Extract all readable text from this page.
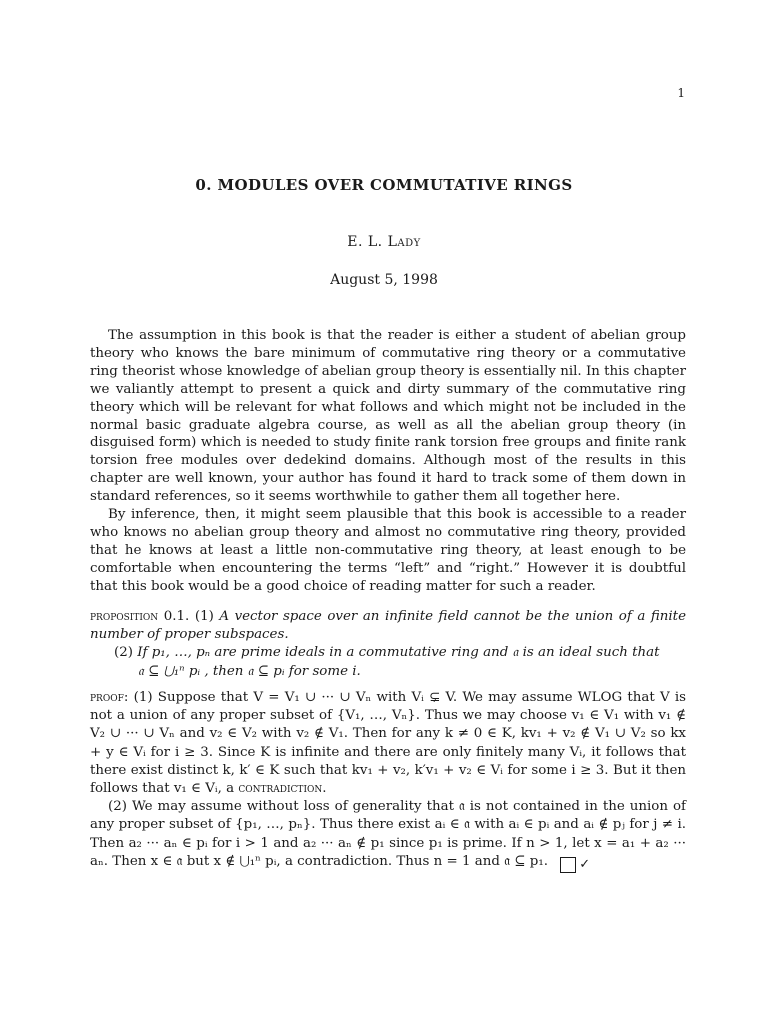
1
0. MODULES OVER COMMUTATIVE RINGS
E. L. Lady
August 5, 1998

The assumption in this book is that the reader is either a student of abelian group theory who knows the bare minimum of commutative ring theory or a commutative ring theorist whose knowledge of abelian group theory is essentially nil. In this chapter we valiantly attempt to present a quick and dirty summary of the commutative ring theory which will be relevant for what follows and which might not be included in the normal basic graduate algebra course, as well as all the abelian group theory (in disguised form) which is needed to study finite rank torsion free groups and finite rank torsion free modules over dedekind domains. Although most of the results in this chapter are well known, your author has found it hard to track some of them down in standard references, so it seems worthwhile to gather them all together here.

By inference, then, it might seem plausible that this book is accessible to a reader who knows no abelian group theory and almost no commutative ring theory, provided that he knows at least a little non-commutative ring theory, at least enough to be comfortable when encountering the terms “left” and “right.” However it is doubtful that this book would be a good choice of reading matter for such a reader.

proposition 0.1. (1) A vector space over an infinite field cannot be the union of a finite number of proper subspaces.

(2) If p₁, …, pₙ are prime ideals in a commutative ring and 𝔞 is an ideal such that

𝔞 ⊆ ⋃₁ⁿ pᵢ , then 𝔞 ⊆ pᵢ for some i.

proof: (1) Suppose that V = V₁ ∪ ··· ∪ Vₙ with Vᵢ ⊊ V. We may assume WLOG that V is not a union of any proper subset of {V₁, …, Vₙ}. Thus we may choose v₁ ∈ V₁ with v₁ ∉ V₂ ∪ ··· ∪ Vₙ and v₂ ∈ V₂ with v₂ ∉ V₁. Then for any k ≠ 0 ∈ K, kv₁ + v₂ ∉ V₁ ∪ V₂ so kx + y ∈ Vᵢ for i ≥ 3. Since K is infinite and there are only finitely many Vᵢ, it follows that there exist distinct k, k′ ∈ K such that kv₁ + v₂, k′v₁ + v₂ ∈ Vᵢ for some i ≥ 3. But it then follows that v₁ ∈ Vᵢ, a contradiction.

(2) We may assume without loss of generality that 𝔞 is not contained in the union of any proper subset of {p₁, …, pₙ}. Thus there exist aᵢ ∈ 𝔞 with aᵢ ∈ pᵢ and aᵢ ∉ pⱼ for j ≠ i. Then a₂ ··· aₙ ∈ pᵢ for i > 1 and a₂ ··· aₙ ∉ p₁ since p₁ is prime. If n > 1, let x = a₁ + a₂ ··· aₙ. Then x ∈ 𝔞 but x ∉ ⋃₁ⁿ pᵢ, a contradiction. Thus n = 1 and 𝔞 ⊆ p₁. ✓
